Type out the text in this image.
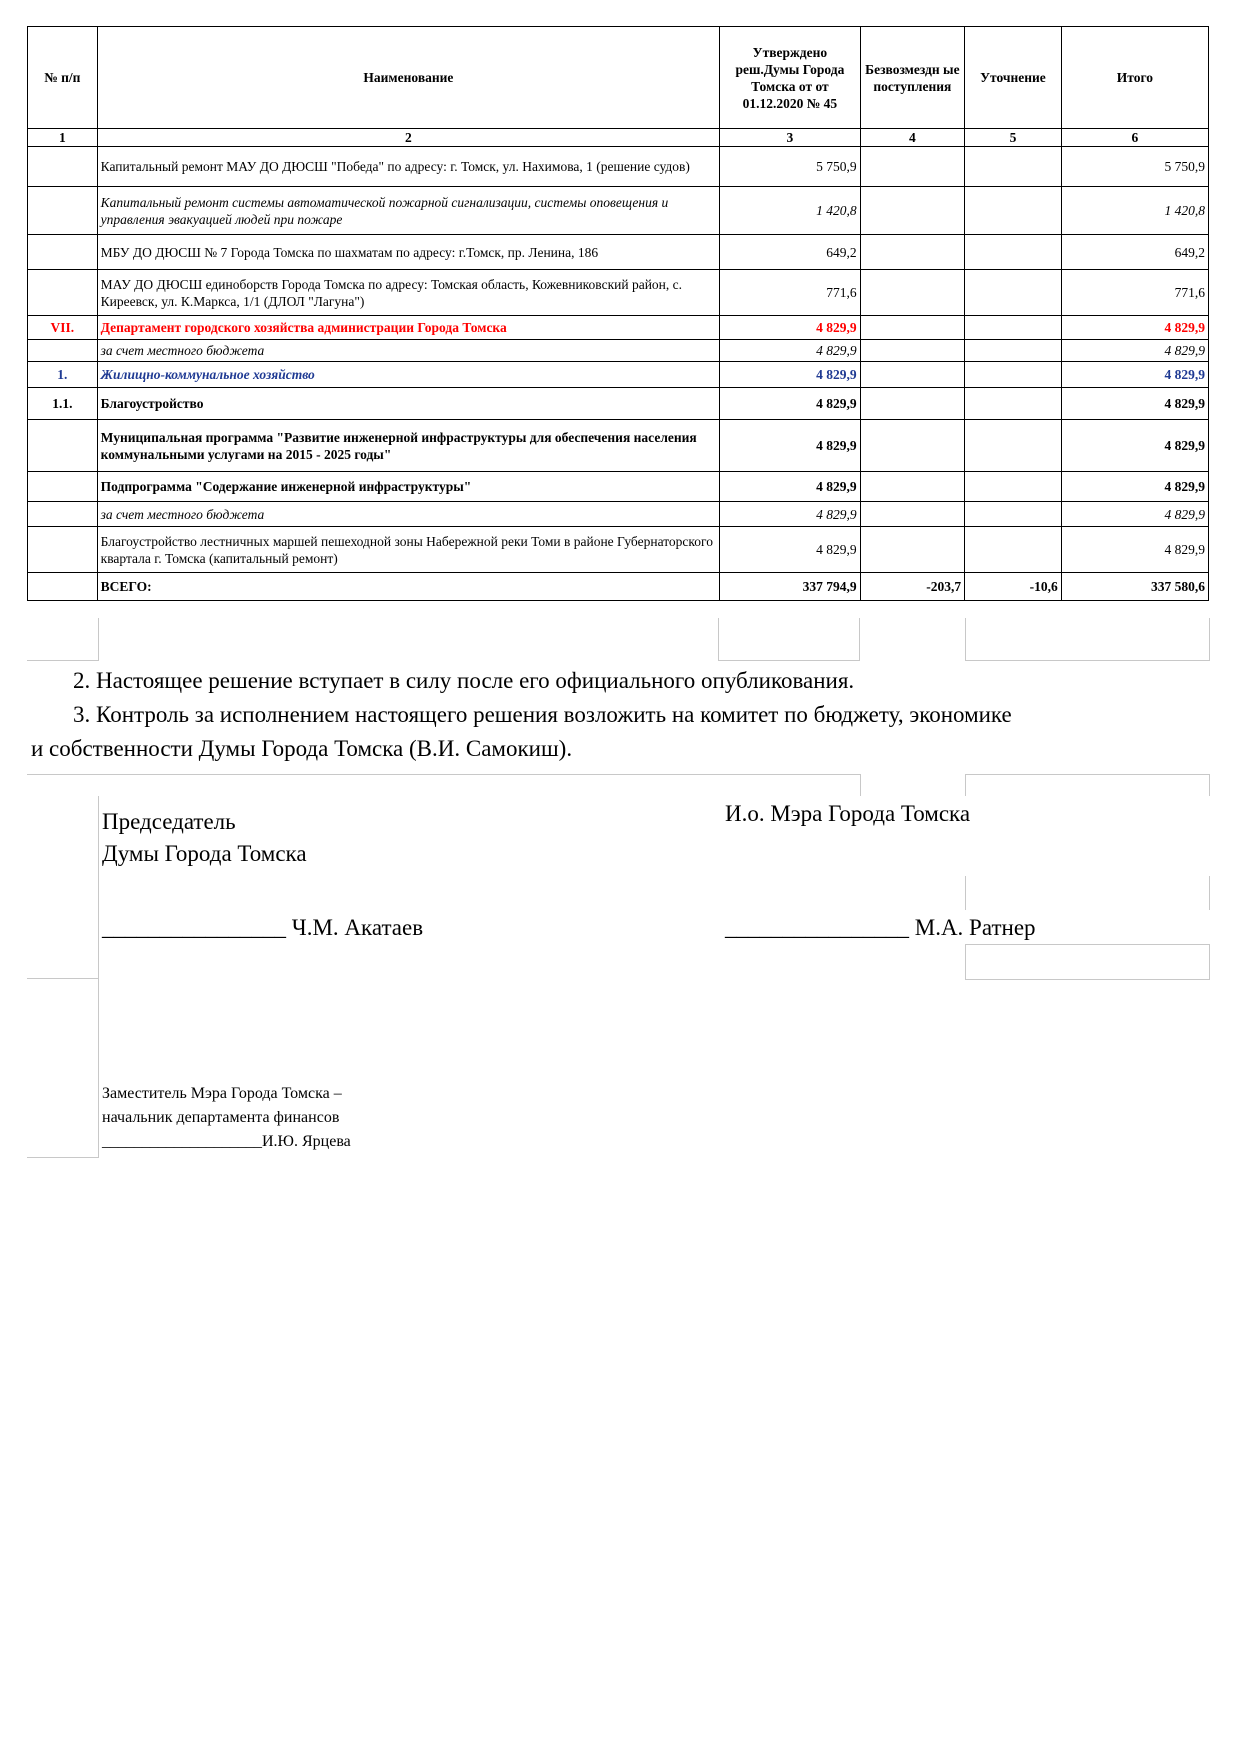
№ п/п	Наименование	Утверждено реш.Думы Города Томска от от 01.12.2020 № 45	Безвозмездн ые поступления	Уточнение	Итого
1	2	3	4	5	6
	Капитальный ремонт МАУ ДО ДЮСШ "Победа" по адресу: г. Томск, ул. Нахимова, 1 (решение судов)	5 750,9			5 750,9
	Капитальный ремонт системы автоматической пожарной сигнализации, системы оповещения и управления эвакуацией людей при пожаре	1 420,8			1 420,8
	МБУ ДО ДЮСШ № 7 Города Томска по шахматам по адресу: г.Томск, пр. Ленина, 186	649,2			649,2
	МАУ ДО ДЮСШ единоборств Города Томска по адресу: Томская область, Кожевниковский район, с. Киреевск, ул. К.Маркса, 1/1 (ДЛОЛ "Лагуна")	771,6			771,6
VII.	Департамент городского хозяйства администрации Города Томска	4 829,9			4 829,9
	за счет местного бюджета	4 829,9			4 829,9
1.	Жилищно-коммунальное хозяйство	4 829,9			4 829,9
1.1.	Благоустройство	4 829,9			4 829,9
	Муниципальная программа "Развитие инженерной инфраструктуры для обеспечения населения коммунальными услугами на 2015 - 2025 годы"	4 829,9			4 829,9
	Подпрограмма "Содержание инженерной инфраструктуры"	4 829,9			4 829,9
	за счет местного бюджета	4 829,9			4 829,9
	Благоустройство лестничных маршей пешеходной зоны Набережной реки Томи в районе Губернаторского квартала г. Томска (капитальный ремонт)	4 829,9			4 829,9
	ВСЕГО:	337 794,9	-203,7	-10,6	337 580,6
2. Настоящее решение вступает в силу после его официального опубликования.
3. Контроль за исполнением настоящего решения возложить на комитет по бюджету, экономике
и собственности Думы Города Томска (В.И. Самокиш).
Председатель
Думы Города Томска
________________ Ч.М. Акатаев
И.о. Мэра Города Томска
________________ М.А. Ратнер
Заместитель Мэра Города Томска –
начальник департамента финансов
____________________И.Ю. Ярцева
